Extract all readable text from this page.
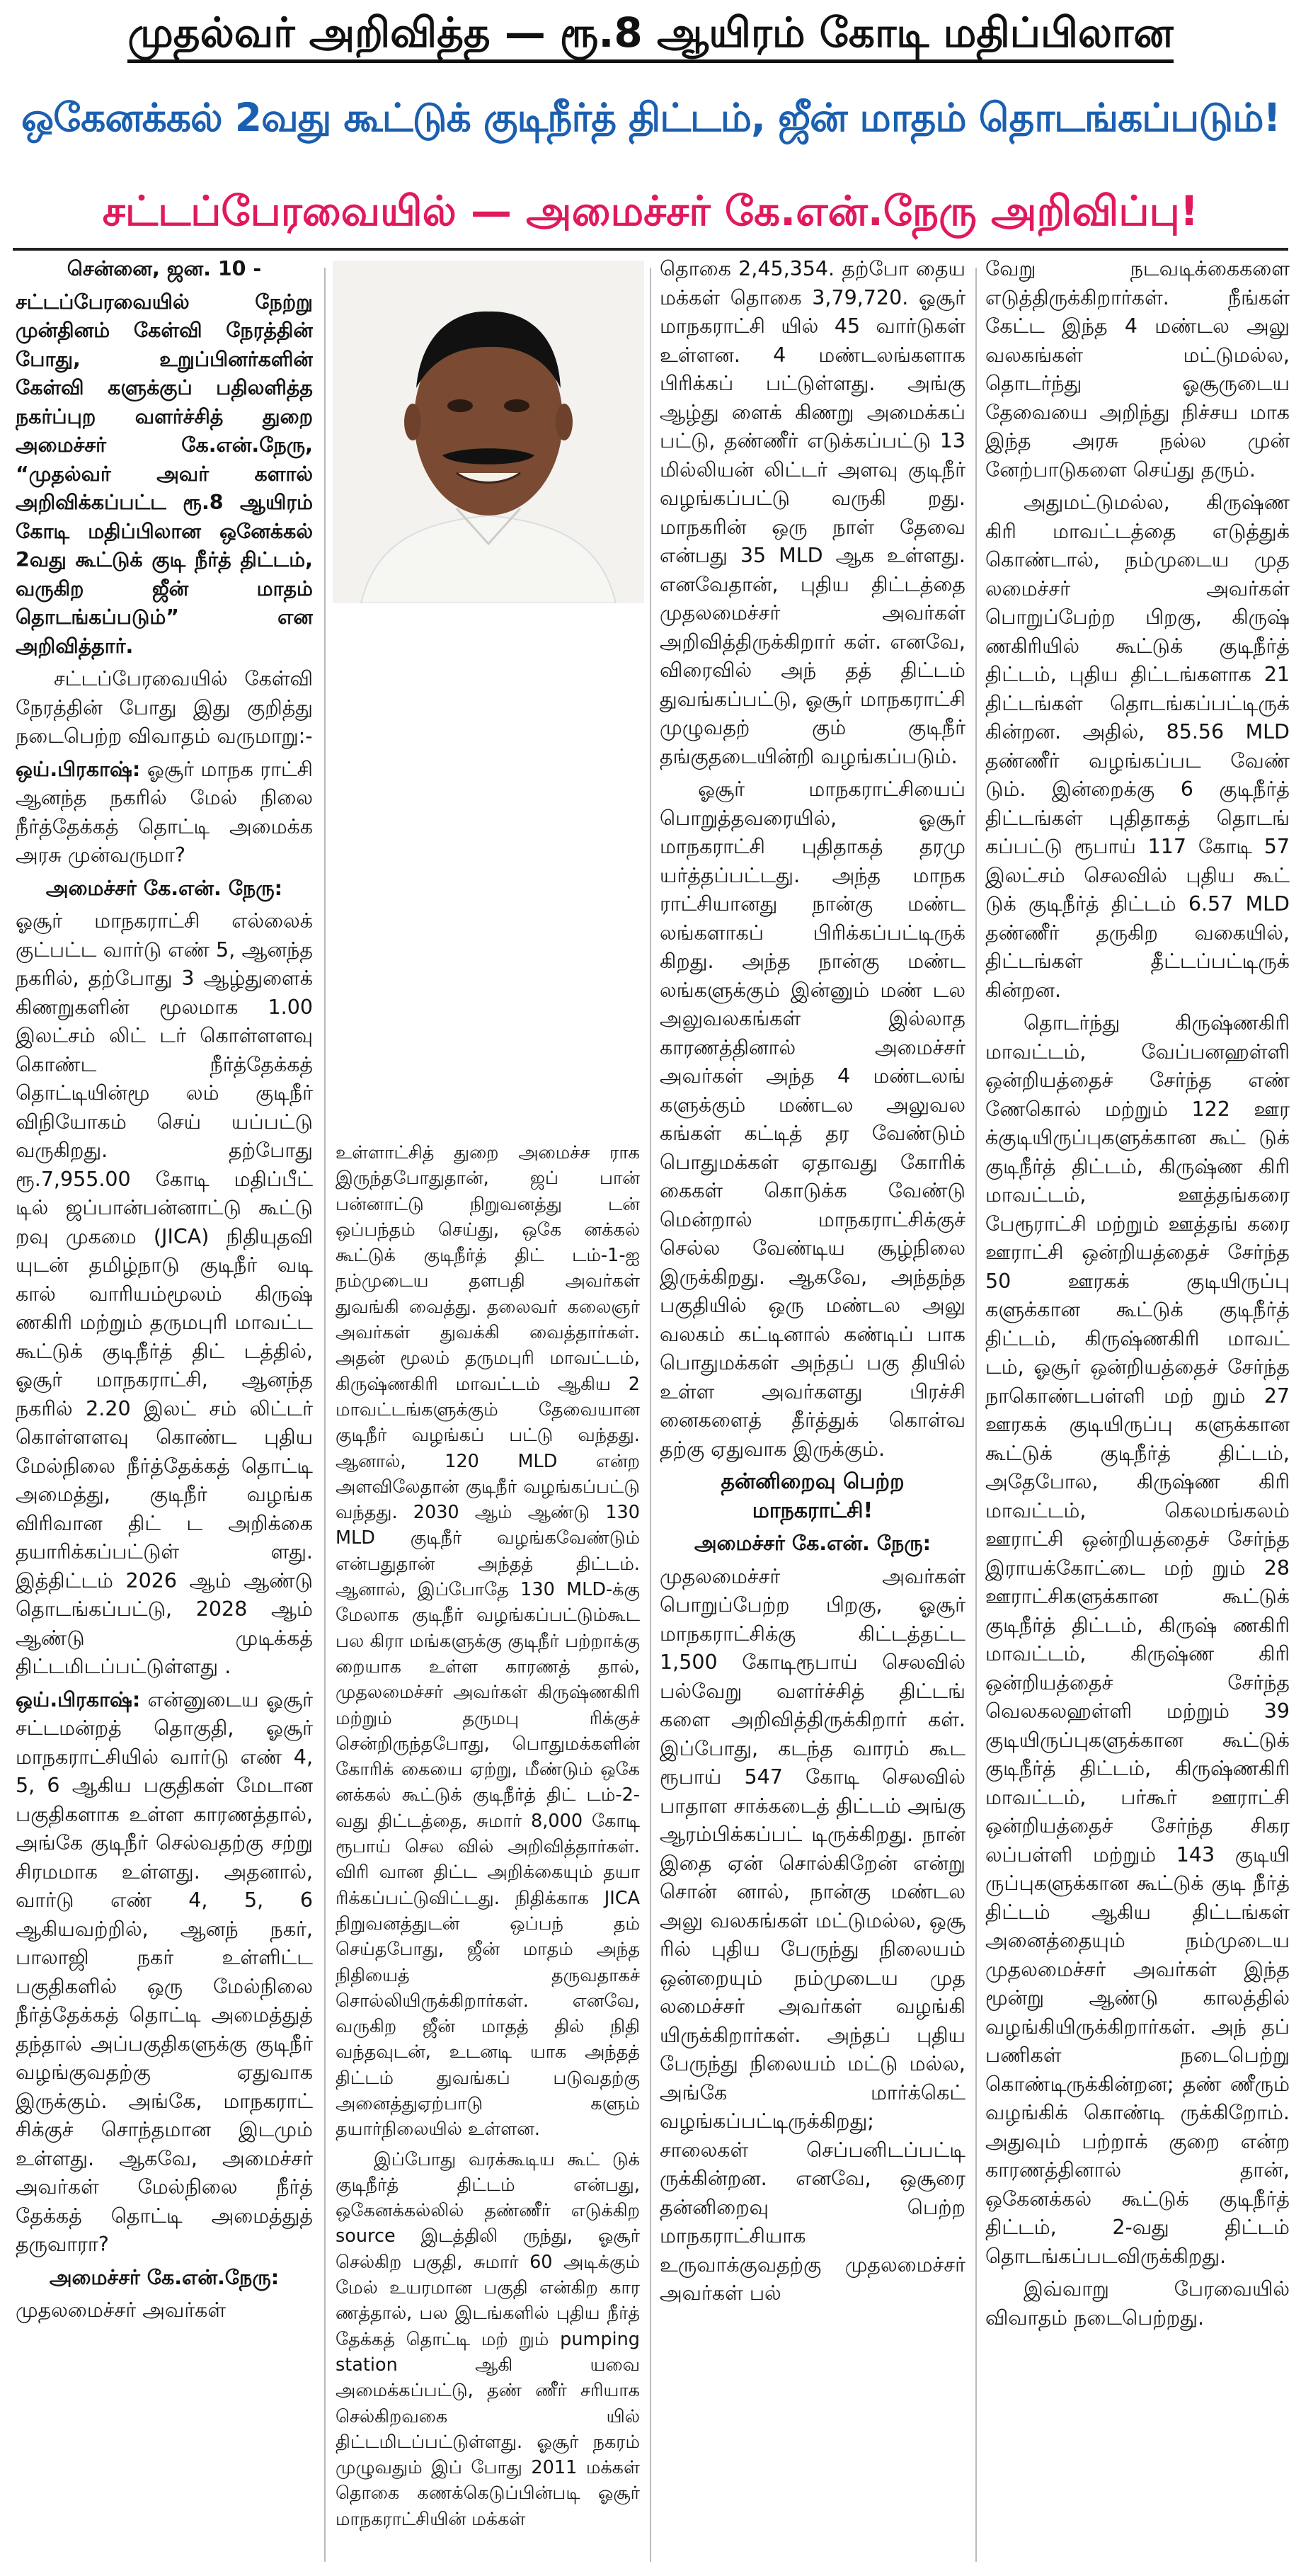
முதல்வர் அறிவித்த — ரூ.8 ஆயிரம் கோடி மதிப்பிலான
ஒகேனக்கல் 2வது கூட்டுக் குடிநீர்த் திட்டம், ஜீன் மாதம் தொடங்கப்படும்!
சட்டப்பேரவையில் — அமைச்சர் கே.என்.நேரு அறிவிப்பு!

சென்னை, ஜன. 10 -

சட்டப்பேரவையில் நேற்று முன்தினம் கேள்வி நேரத்தின் போது, உறுப்பினர்களின் கேள்வி களுக்குப் பதிலளித்த நகர்ப்புற வளர்ச்சித் துறை அமைச்சர் கே.என்.நேரு, “முதல்வர் அவர் களால் அறிவிக்கப்பட்ட ரூ.8 ஆயிரம் கோடி மதிப்பிலான ஒனேக்கல் 2வது கூட்டுக் குடி நீர்த் திட்டம், வருகிற ஜீன் மாதம் தொடங்கப்படும்” என அறிவித்தார்.

சட்டப்பேரவையில் கேள்வி நேரத்தின் போது இது குறித்து நடைபெற்ற விவாதம் வருமாறு:-

ஒய்.பிரகாஷ்: ஓசூர் மாநக ராட்சி ஆனந்த நகரில் மேல் நிலை நீர்த்தேக்கத் தொட்டி அமைக்க அரசு முன்வருமா?

அமைச்சர் கே.என். நேரு:

ஓசூர் மாநகராட்சி எல்லைக் குட்பட்ட வார்டு எண் 5, ஆனந்த நகரில், தற்போது 3 ஆழ்துளைக் கிணறுகளின் மூலமாக 1.00 இலட்சம் லிட் டர் கொள்ளளவு கொண்ட நீர்த்தேக்கத் தொட்டியின்மூ லம் குடிநீர் விநியோகம் செய் யப்பட்டு வருகிறது. தற்போது ரூ.7,955.00 கோடி மதிப்பீட் டில் ஜப்பான்பன்னாட்டு கூட்டு றவு முகமை (JICA) நிதியுதவி யுடன் தமிழ்நாடு குடிநீர் வடி கால் வாரியம்மூலம் கிருஷ் ணகிரி மற்றும் தருமபுரி மாவட்ட கூட்டுக் குடிநீர்த் திட் டத்தில், ஓசூர் மாநகராட்சி, ஆனந்த நகரில் 2.20 இலட் சம் லிட்டர் கொள்ளளவு கொண்ட புதிய மேல்நிலை நீர்த்தேக்கத் தொட்டி அமைத்து, குடிநீர் வழங்க விரிவான திட் ட அறிக்கை தயாரிக்கப்பட்டுள் ளது. இத்திட்டம் 2026 ஆம் ஆண்டு தொடங்கப்பட்டு, 2028 ஆம் ஆண்டு முடிக்கத் திட்டமிடப்பட்டுள்ளது .

ஒய்.பிரகாஷ்: என்னுடைய ஓசூர் சட்டமன்றத் தொகுதி, ஓசூர் மாநகராட்சியில் வார்டு எண் 4, 5, 6 ஆகிய பகுதிகள் மேடான பகுதிகளாக உள்ள காரணத்தால், அங்கே குடிநீர் செல்வதற்கு சற்று சிரமமாக உள்ளது. அதனால், வார்டு எண் 4, 5, 6 ஆகியவற்றில், ஆனந் நகர், பாலாஜி நகர் உள்ளிட்ட பகுதிகளில் ஒரு மேல்நிலை நீர்த்தேக்கத் தொட்டி அமைத்துத் தந்தால் அப்பகுதிகளுக்கு குடிநீர் வழங்குவதற்கு ஏதுவாக இருக்கும். அங்கே, மாநகராட் சிக்குச் சொந்தமான இடமும் உள்ளது. ஆகவே, அமைச்சர் அவர்கள் மேல்நிலை நீர்த் தேக்கத் தொட்டி அமைத்துத் தருவாரா?

அமைச்சர் கே.என்.நேரு:

முதலமைச்சர் அவர்கள்

உள்ளாட்சித் துறை அமைச்ச ராக இருந்தபோதுதான், ஜப் பான் பன்னாட்டு நிறுவனத்து டன் ஒப்பந்தம் செய்து, ஒகே னக்கல் கூட்டுக் குடிநீர்த் திட் டம்-1-ஐ நம்முடைய தளபதி அவர்கள் துவங்கி வைத்து. தலைவர் கலைஞர் அவர்கள் துவக்கி வைத்தார்கள். அதன் மூலம் தருமபுரி மாவட்டம், கிருஷ்ணகிரி மாவட்டம் ஆகிய 2 மாவட்டங்களுக்கும் தேவையான குடிநீர் வழங்கப் பட்டு வந்தது. ஆனால், 120 MLD என்ற அளவிலேதான் குடிநீர் வழங்கப்பட்டு வந்தது. 2030 ஆம் ஆண்டு 130 MLD குடிநீர் வழங்கவேண்டும் என்பதுதான் அந்தத் திட்டம். ஆனால், இப்போதே 130 MLD-க்கு மேலாக குடிநீர் வழங்கப்பட்டும்கூட பல கிரா மங்களுக்கு குடிநீர் பற்றாக்கு றையாக உள்ள காரணத் தால், முதலமைச்சர் அவர்கள் கிருஷ்ணகிரி மற்றும் தருமபு ரிக்குச் சென்றிருந்தபோது, பொதுமக்களின் கோரிக் கையை ஏற்று, மீண்டும் ஒகே னக்கல் கூட்டுக் குடிநீர்த் திட் டம்-2-வது திட்டத்தை, சுமார் 8,000 கோடி ரூபாய் செல வில் அறிவித்தார்கள். விரி வான திட்ட அறிக்கையும் தயா ரிக்கப்பட்டுவிட்டது. நிதிக்காக JICA நிறுவனத்துடன் ஒப்பந் தம் செய்தபோது, ஜீன் மாதம் அந்த நிதியைத் தருவதாகச் சொல்லியிருக்கிறார்கள். எனவே, வருகிற ஜீன் மாதத் தில் நிதி வந்தவுடன், உடனடி யாக அந்தத் திட்டம் துவங்கப் படுவதற்கு அனைத்துஏற்பாடு களும் தயார்நிலையில் உள்ளன.

இப்போது வரக்கூடிய கூட் டுக் குடிநீர்த் திட்டம் என்பது, ஒகேனக்கல்லில் தண்ணீர் எடுக்கிற source இடத்திலி ருந்து, ஓசூர் செல்கிற பகுதி, சுமார் 60 அடிக்கும் மேல் உயரமான பகுதி என்கிற கார ணத்தால், பல இடங்களில் புதிய நீர்த் தேக்கத் தொட்டி மற் றும் pumping station ஆகி யவை அமைக்கப்பட்டு, தண் ணீர் சரியாக செல்கிறவகை யில் திட்டமிடப்பட்டுள்ளது. ஓசூர் நகரம் முழுவதும் இப் போது 2011 மக்கள் தொகை கணக்கெடுப்பின்படி ஓசூர் மாநகராட்சியின் மக்கள்

தொகை 2,45,354. தற்போ தைய மக்கள் தொகை 3,79,720. ஓசூர் மாநகராட்சி யில் 45 வார்டுகள் உள்ளன. 4 மண்டலங்களாக பிரிக்கப் பட்டுள்ளது. அங்கு ஆழ்து ளைக் கிணறு அமைக்கப் பட்டு, தண்ணீர் எடுக்கப்பட்டு 13 மில்லியன் லிட்டர் அளவு குடிநீர் வழங்கப்பட்டு வருகி றது. மாநகரின் ஒரு நாள் தேவை என்பது 35 MLD ஆக உள்ளது. எனவேதான், புதிய திட்டத்தை முதலமைச்சர் அவர்கள் அறிவித்திருக்கிறார் கள். எனவே, விரைவில் அந் தத் திட்டம் துவங்கப்பட்டு, ஓசூர் மாநகராட்சி முழுவதற் கும் குடிநீர் தங்குதடையின்றி வழங்கப்படும்.

ஓசூர் மாநகராட்சியைப் பொறுத்தவரையில், ஓசூர் மாநகராட்சி புதிதாகத் தரமு யர்த்தப்பட்டது. அந்த மாநக ராட்சியானது நான்கு மண்ட லங்களாகப் பிரிக்கப்பட்டிருக் கிறது. அந்த நான்கு மண்ட லங்களுக்கும் இன்னும் மண் டல அலுவலகங்கள் இல்லாத காரணத்தினால் அமைச்சர் அவர்கள் அந்த 4 மண்டலங் களுக்கும் மண்டல அலுவல கங்கள் கட்டித் தர வேண்டும் பொதுமக்கள் ஏதாவது கோரிக் கைகள் கொடுக்க வேண்டு மென்றால் மாநகராட்சிக்குச் செல்ல வேண்டிய சூழ்நிலை இருக்கிறது. ஆகவே, அந்தந்த பகுதியில் ஒரு மண்டல அலு வலகம் கட்டினால் கண்டிப் பாக பொதுமக்கள் அந்தப் பகு தியில் உள்ள அவர்களது பிரச்சி னைகளைத் தீர்த்துக் கொள்வ தற்கு ஏதுவாக இருக்கும்.

தன்னிறைவு பெற்ற மாநகராட்சி!

அமைச்சர் கே.என். நேரு:

முதலமைச்சர் அவர்கள் பொறுப்பேற்ற பிறகு, ஓசூர் மாநகராட்சிக்கு கிட்டத்தட்ட 1,500 கோடிரூபாய் செலவில் பல்வேறு வளர்ச்சித் திட்டங் களை அறிவித்திருக்கிறார் கள். இப்போது, கடந்த வாரம் கூட ரூபாய் 547 கோடி செலவில் பாதாள சாக்கடைத் திட்டம் அங்கு ஆரம்பிக்கப்பட் டிருக்கிறது. நான் இதை ஏன் சொல்கிறேன் என்று சொன் னால், நான்கு மண்டல அலு வலகங்கள் மட்டுமல்ல, ஒசூ ரில் புதிய பேருந்து நிலையம் ஒன்றையும் நம்முடைய முத லமைச்சர் அவர்கள் வழங்கி யிருக்கிறார்கள். அந்தப் புதிய பேருந்து நிலையம் மட்டு மல்ல, அங்கே மார்க்கெட் வழங்கப்பட்டிருக்கிறது; சாலைகள் செப்பனிடப்பட்டி ருக்கின்றன. எனவே, ஒசூரை தன்னிறைவு பெற்ற மாநகராட்சியாக உருவாக்குவதற்கு முதலமைச்சர் அவர்கள் பல்

வேறு நடவடிக்கைகளை எடுத்திருக்கிறார்கள். நீங்கள் கேட்ட இந்த 4 மண்டல அலு வலகங்கள் மட்டுமல்ல, தொடர்ந்து ஓசூருடைய தேவையை அறிந்து நிச்சய மாக இந்த அரசு நல்ல முன் னேற்பாடுகளை செய்து தரும்.

அதுமட்டுமல்ல, கிருஷ்ண கிரி மாவட்டத்தை எடுத்துக் கொண்டால், நம்முடைய முத லமைச்சர் அவர்கள் பொறுப்பேற்ற பிறகு, கிருஷ் ணகிரியில் கூட்டுக் குடிநீர்த் திட்டம், புதிய திட்டங்களாக 21 திட்டங்கள் தொடங்கப்பட்டிருக் கின்றன. அதில், 85.56 MLD தண்ணீர் வழங்கப்பட வேண் டும். இன்றைக்கு 6 குடிநீர்த் திட்டங்கள் புதிதாகத் தொடங் கப்பட்டு ரூபாய் 117 கோடி 57 இலட்சம் செலவில் புதிய கூட் டுக் குடிநீர்த் திட்டம் 6.57 MLD தண்ணீர் தருகிற வகையில், திட்டங்கள் தீட்டப்பட்டிருக் கின்றன.

தொடர்ந்து கிருஷ்ணகிரி மாவட்டம், வேப்பனஹள்ளி ஒன்றியத்தைச் சேர்ந்த எண் ணேகொல் மற்றும் 122 ஊர க்குடியிருப்புகளுக்கான கூட் டுக் குடிநீர்த் திட்டம், கிருஷ்ண கிரி மாவட்டம், ஊத்தங்கரை பேரூராட்சி மற்றும் ஊத்தங் கரை ஊராட்சி ஒன்றியத்தைச் சேர்ந்த 50 ஊரகக் குடியிருப்பு களுக்கான கூட்டுக் குடிநீர்த் திட்டம், கிருஷ்ணகிரி மாவட் டம், ஓசூர் ஒன்றியத்தைச் சேர்ந்த நாகொண்டபள்ளி மற் றும் 27 ஊரகக் குடியிருப்பு களுக்கான கூட்டுக் குடிநீர்த் திட்டம், அதேபோல, கிருஷ்ண கிரி மாவட்டம், கெலமங்கலம் ஊராட்சி ஒன்றியத்தைச் சேர்ந்த இராயக்கோட்டை மற் றும் 28 ஊராட்சிகளுக்கான கூட்டுக் குடிநீர்த் திட்டம், கிருஷ் ணகிரி மாவட்டம், கிருஷ்ண கிரி ஒன்றியத்தைச் சேர்ந்த வெலகலஹள்ளி மற்றும் 39 குடியிருப்புகளுக்கான கூட்டுக் குடிநீர்த் திட்டம், கிருஷ்ணகிரி மாவட்டம், பர்கூர் ஊராட்சி ஒன்றியத்தைச் சேர்ந்த சிகர லப்பள்ளி மற்றும் 143 குடியி ருப்புகளுக்கான கூட்டுக் குடி நீர்த் திட்டம் ஆகிய திட்டங்கள் அனைத்தையும் நம்முடைய முதலமைச்சர் அவர்கள் இந்த மூன்று ஆண்டு காலத்தில் வழங்கியிருக்கிறார்கள். அந் தப் பணிகள் நடைபெற்று கொண்டிருக்கின்றன; தண் ணீரும் வழங்கிக் கொண்டி ருக்கிறோம். அதுவும் பற்றாக் குறை என்ற காரணத்தினால் தான், ஒகேனக்கல் கூட்டுக் குடிநீர்த் திட்டம், 2-வது திட்டம் தொடங்கப்படவிருக்கிறது.

இவ்வாறு பேரவையில் விவாதம் நடைபெற்றது.
